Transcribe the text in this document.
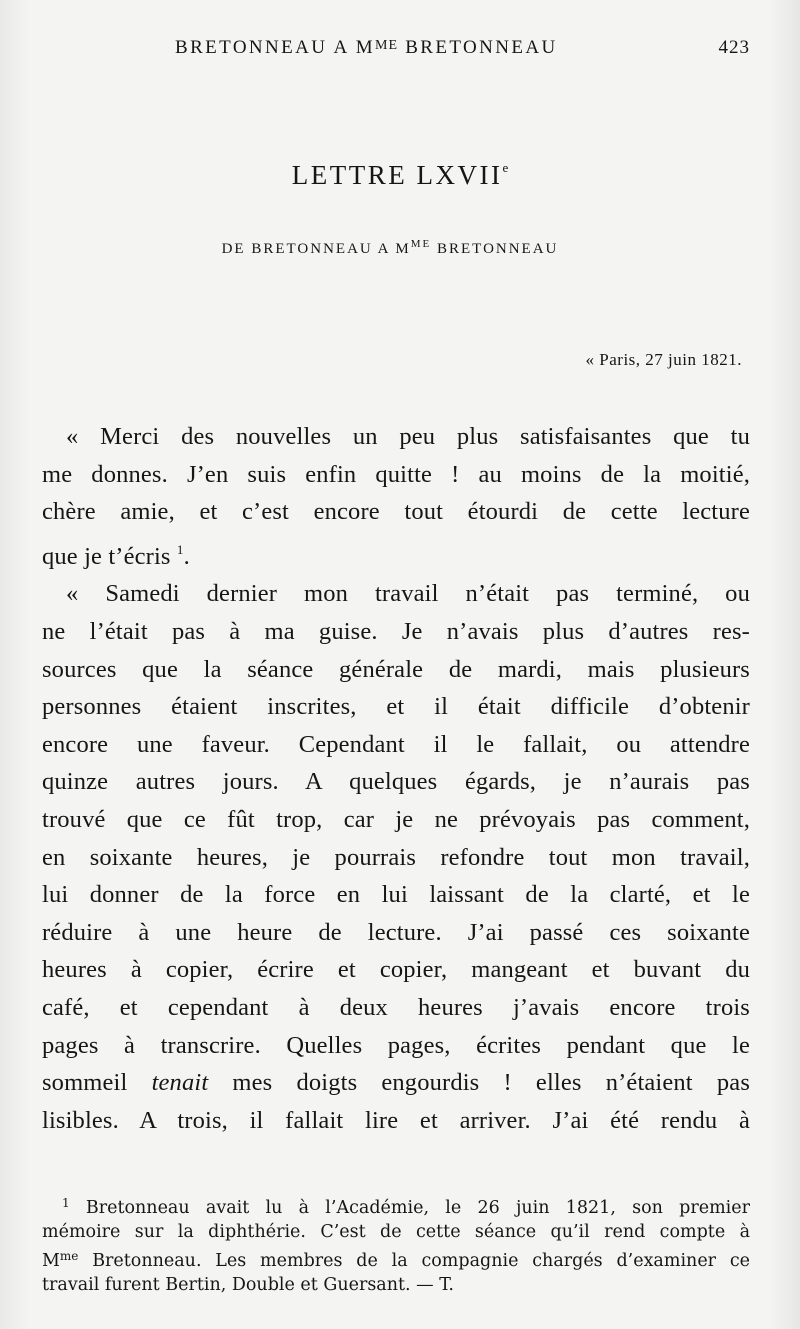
BRETONNEAU A $M^{ME}$ BRETONNEAU	423
LETTRE LXVIIe
DE BRETONNEAU A $M^{ME}$ BRETONNEAU
« Paris, 27 juin 1821.
« Merci des nouvelles un peu plus satisfaisantes que tu
me donnes. J’en suis enfin quitte ! au moins de la moitié,
chère amie, et c’est encore tout étourdi de cette lecture
que je t’écris $^1$.
« Samedi dernier mon travail n’était pas terminé, ou
ne l’était pas à ma guise. Je n’avais plus d’autres res-
sources que la séance générale de mardi, mais plusieurs
personnes étaient inscrites, et il était difficile d’obtenir
encore une faveur. Cependant il le fallait, ou attendre
quinze autres jours. A quelques égards, je n’aurais pas
trouvé que ce fût trop, car je ne prévoyais pas comment,
en soixante heures, je pourrais refondre tout mon travail,
lui donner de la force en lui laissant de la clarté, et le
réduire à une heure de lecture. J’ai passé ces soixante
heures à copier, écrire et copier, mangeant et buvant du
café, et cependant à deux heures j’avais encore trois
pages à transcrire. Quelles pages, écrites pendant que le
sommeil tenait mes doigts engourdis ! elles n’étaient pas
lisibles. A trois, il fallait lire et arriver. J’ai été rendu à
$^1$ Bretonneau avait lu à l’Académie, le 26 juin 1821, son premier
mémoire sur la diphthérie. C’est de cette séance qu’il rend compte à
$M^{me}$ Bretonneau. Les membres de la compagnie chargés d’examiner ce
travail furent Bertin, Double et Guersant. — T.
